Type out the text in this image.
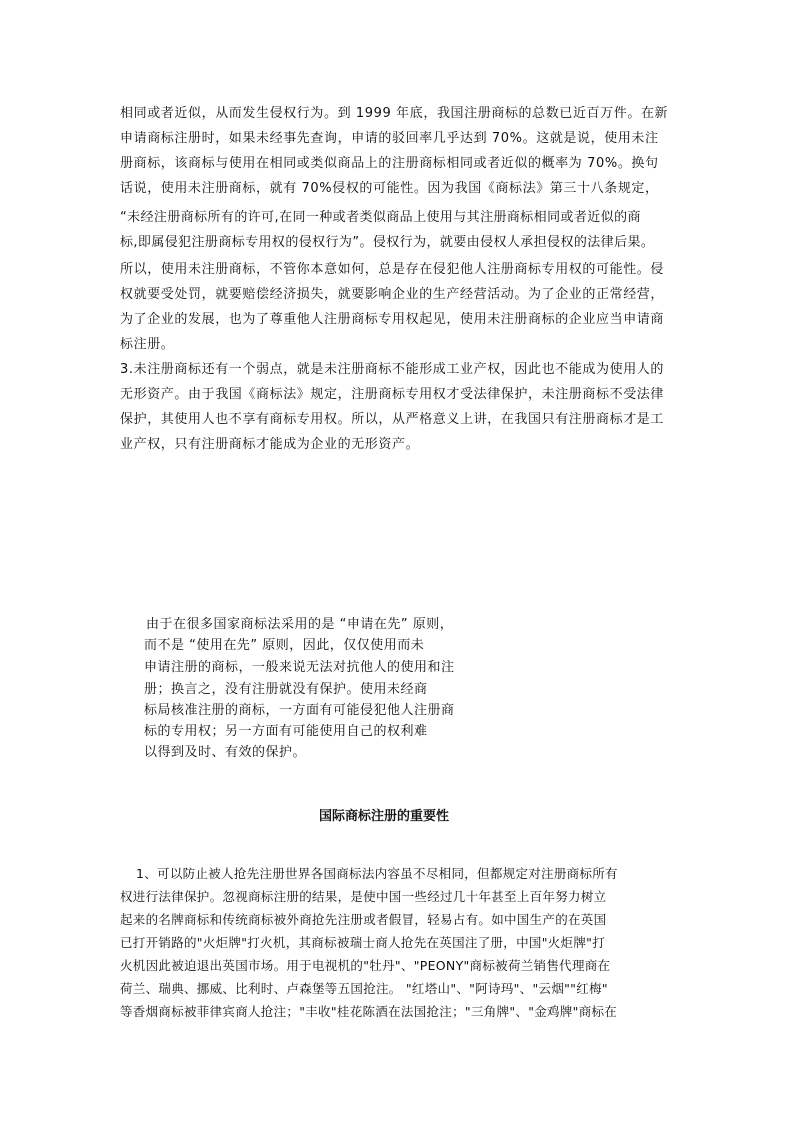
相同或者近似，从而发生侵权行为。到 1999 年底，我国注册商标的总数已近百万件。在新
申请商标注册时，如果未经事先查询，申请的驳回率几乎达到 70%。这就是说，使用未注
册商标，该商标与使用在相同或类似商品上的注册商标相同或者近似的概率为 70%。换句
话说，使用未注册商标，就有 70%侵权的可能性。因为我国《商标法》第三十八条规定，
“未经注册商标所有的许可,在同一种或者类似商品上使用与其注册商标相同或者近似的商
标,即属侵犯注册商标专用权的侵权行为”。侵权行为，就要由侵权人承担侵权的法律后果。
所以，使用未注册商标，不管你本意如何，总是存在侵犯他人注册商标专用权的可能性。侵
权就要受处罚，就要赔偿经济损失，就要影响企业的生产经营活动。为了企业的正常经营，
为了企业的发展，也为了尊重他人注册商标专用权起见，使用未注册商标的企业应当申请商
标注册。
3.未注册商标还有一个弱点，就是未注册商标不能形成工业产权，因此也不能成为使用人的
无形资产。由于我国《商标法》规定，注册商标专用权才受法律保护，未注册商标不受法律
保护，其使用人也不享有商标专用权。所以，从严格意义上讲，在我国只有注册商标才是工
业产权，只有注册商标才能成为企业的无形资产。
由于在很多国家商标法采用的是 “申请在先” 原则，
而不是 “使用在先” 原则，因此，仅仅使用而未
申请注册的商标，一般来说无法对抗他人的使用和注
册；换言之，没有注册就没有保护。使用未经商
标局核准注册的商标，一方面有可能侵犯他人注册商
标的专用权；另一方面有可能使用自己的权利难
以得到及时、有效的保护。
国际商标注册的重要性
1、可以防止被人抢先注册世界各国商标法内容虽不尽相同，但都规定对注册商标所有
权进行法律保护。忽视商标注册的结果，是使中国一些经过几十年甚至上百年努力树立
起来的名牌商标和传统商标被外商抢先注册或者假冒，轻易占有。如中国生产的在英国
已打开销路的"火炬牌"打火机，其商标被瑞士商人抢先在英国注了册，中国"火炬牌"打
火机因此被迫退出英国市场。用于电视机的"牡丹"、"PEONY"商标被荷兰销售代理商在
荷兰、瑞典、挪威、比利时、卢森堡等五国抢注。 "红塔山"、"阿诗玛"、"云烟""红梅"
等香烟商标被菲律宾商人抢注；"丰收"桂花陈酒在法国抢注；"三角牌"、"金鸡牌"商标在
